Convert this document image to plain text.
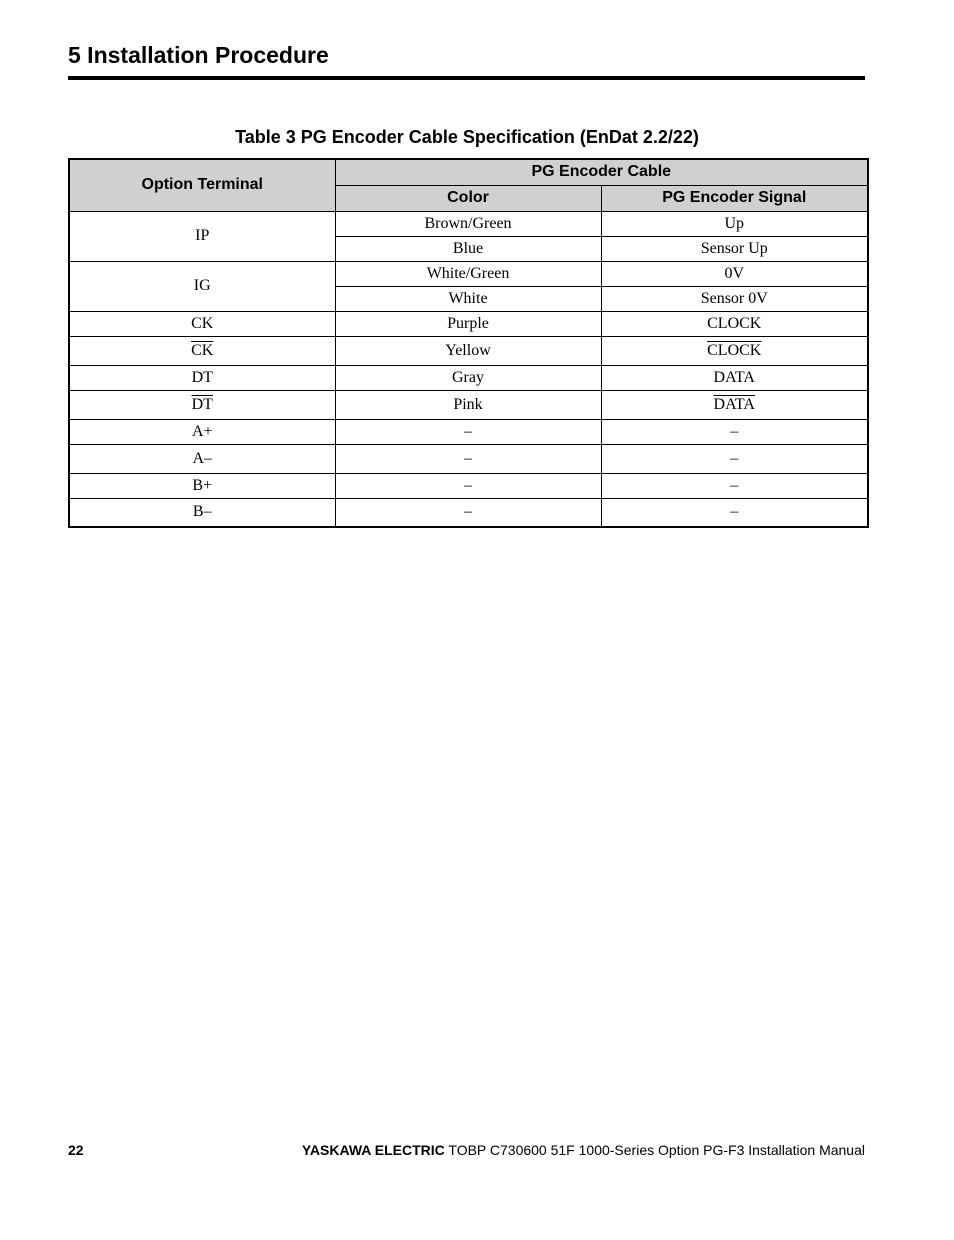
5 Installation Procedure
Table 3 PG Encoder Cable Specification (EnDat 2.2/22)
Option Terminal	PG Encoder Cable	
	Color	PG Encoder Signal
IP	Brown/Green	Up
	Blue	Sensor Up
IG	White/Green	0V
	White	Sensor 0V
CK	Purple	CLOCK
$\overline{CK}$	Yellow	CLOCK
DT	Gray	DATA
$\overline{DT}$	Pink	DATA
A+	–	–
A–	–	–
B+	–	–
B–	–	–
22	YASKAWA ELECTRIC TOBP C730600 51F 1000-Series Option PG-F3 Installation Manual
